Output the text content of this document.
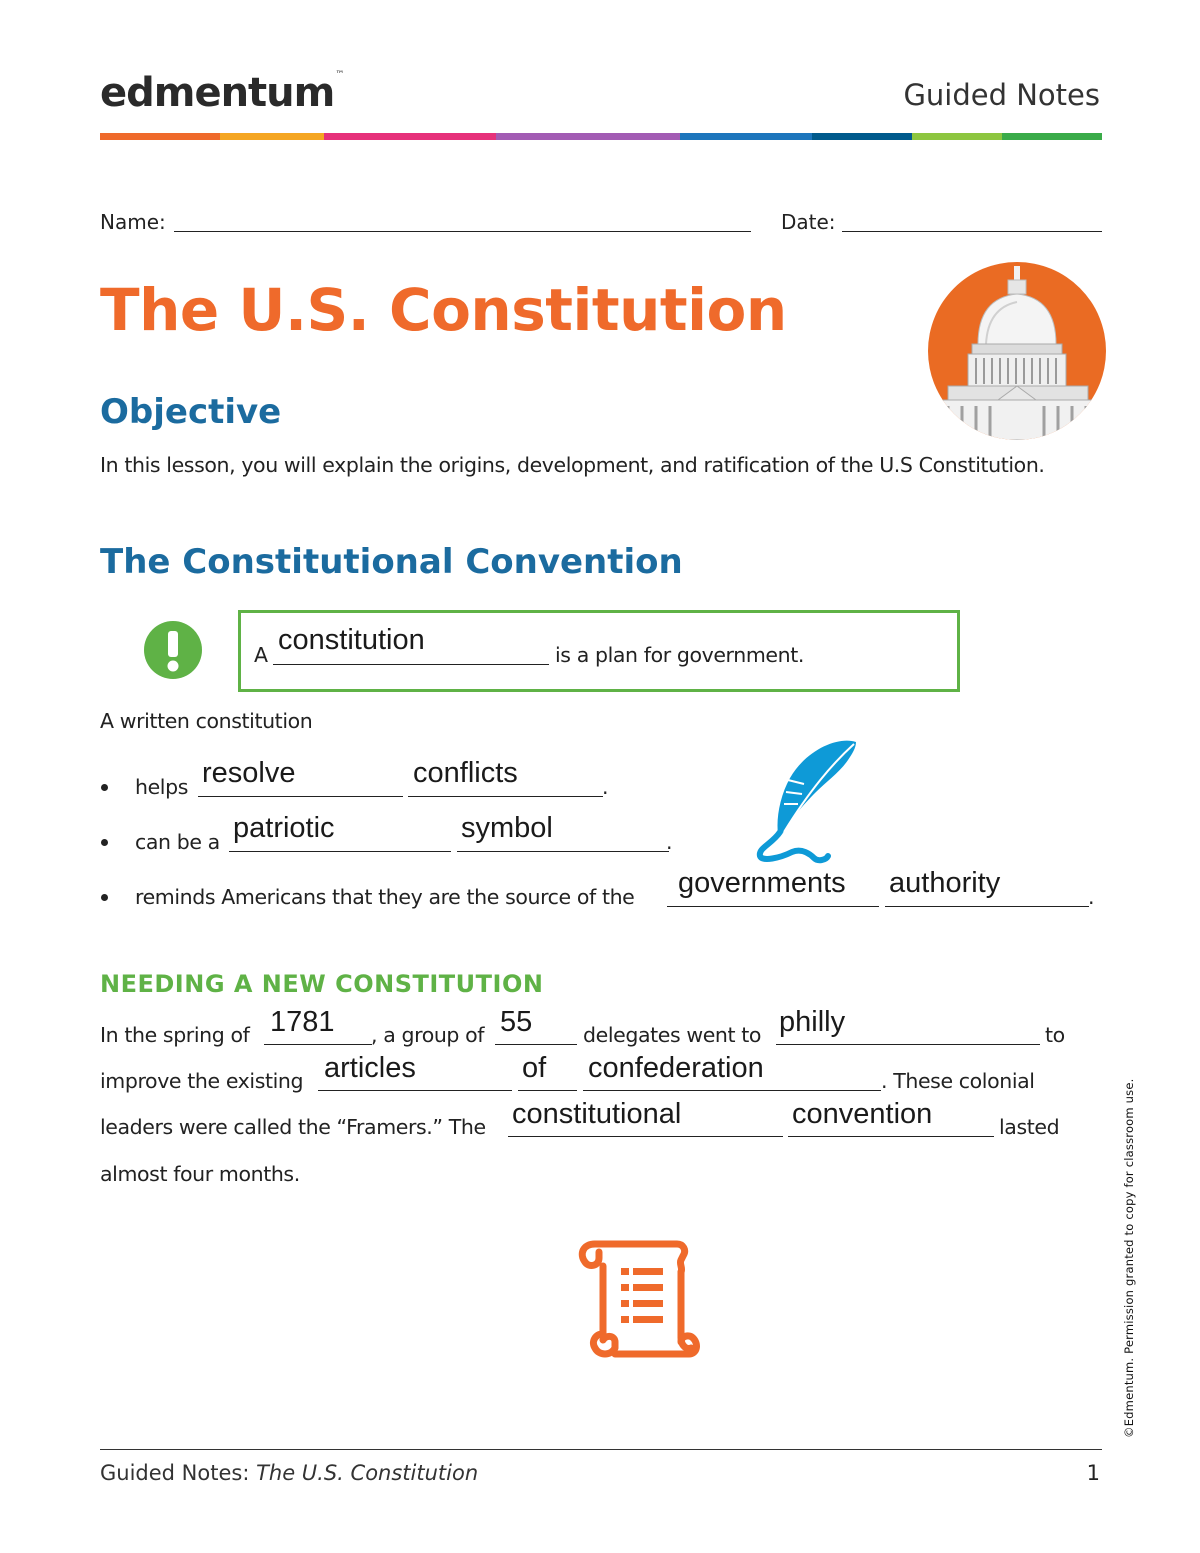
edmentum™
Guided Notes
Name:	Date:
The U.S. Constitution
Objective
In this lesson, you will explain the origins, development, and ratification of the U.S Constitution.
The Constitutional Convention
A constitution	is a plan for government.
A written constitution
helps resolve	conflicts	.
can be a patriotic	symbol	.
reminds Americans that they are the source of the governments authority	.
NEEDING A NEW CONSTITUTION
In the spring of 1781 , a group of 55 delegates went to philly	to
improve the existing articles	of confederation	. These colonial
leaders were called the “Framers.” The constitutional	convention	lasted
almost four months.	©Edmentum. Permission granted to copy for classroom use.
Guided Notes: The U.S. Constitution	1
